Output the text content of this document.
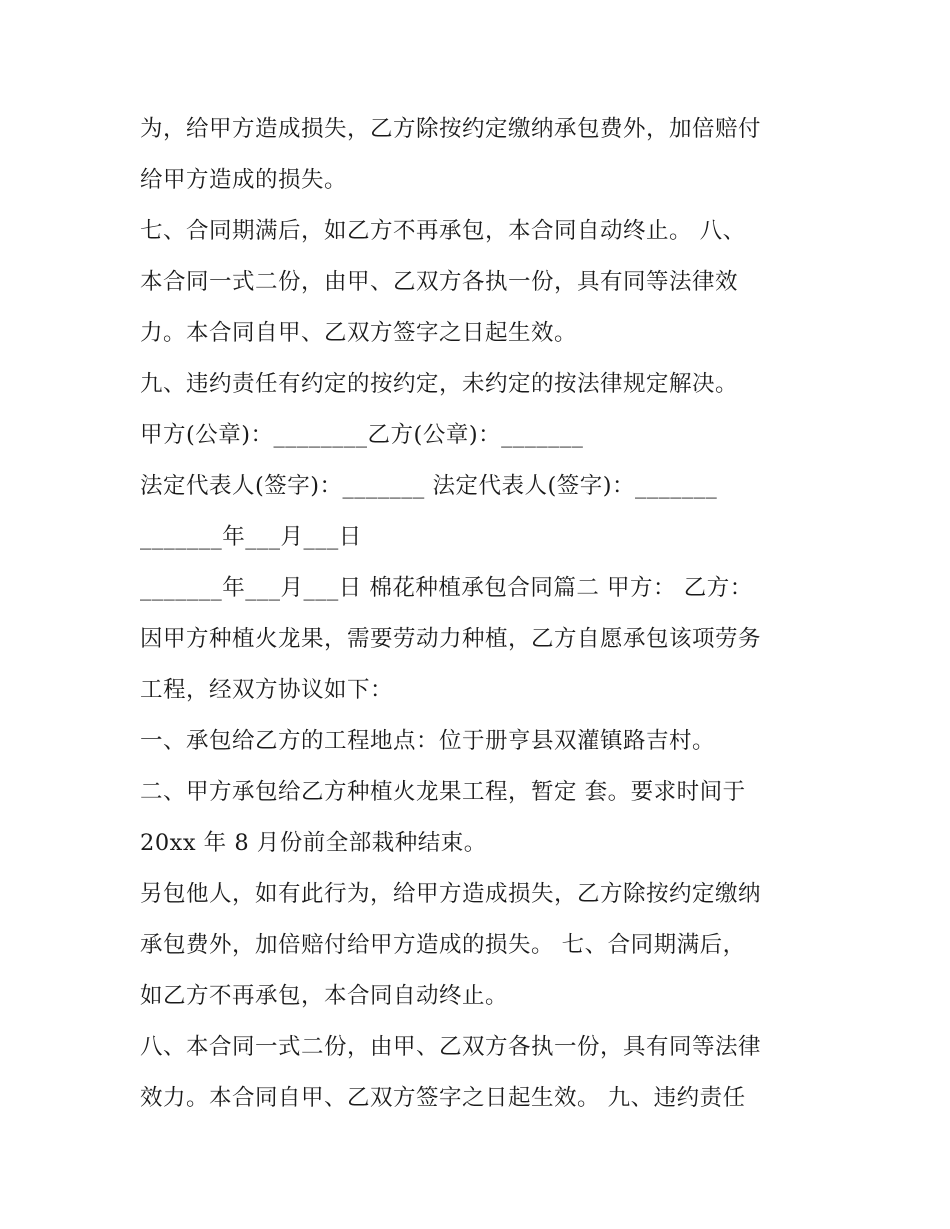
为，给甲方造成损失，乙方除按约定缴纳承包费外，加倍赔付
给甲方造成的损失。
七、合同期满后，如乙方不再承包，本合同自动终止。 八、
本合同一式二份，由甲、乙双方各执一份，具有同等法律效
力。本合同自甲、乙双方签字之日起生效。
九、违约责任有约定的按约定，未约定的按法律规定解决。
甲方(公章)：________乙方(公章)：_______
法定代表人(签字)：_______ 法定代表人(签字)：_______
_______年___月___日
_______年___月___日 棉花种植承包合同篇二 甲方： 乙方：
因甲方种植火龙果，需要劳动力种植，乙方自愿承包该项劳务
工程，经双方协议如下：
一、承包给乙方的工程地点：位于册亨县双灌镇路吉村。
二、甲方承包给乙方种植火龙果工程，暂定 套。要求时间于
20xx 年 8 月份前全部栽种结束。
另包他人，如有此行为，给甲方造成损失，乙方除按约定缴纳
承包费外，加倍赔付给甲方造成的损失。 七、合同期满后，
如乙方不再承包，本合同自动终止。
八、本合同一式二份，由甲、乙双方各执一份，具有同等法律
效力。本合同自甲、乙双方签字之日起生效。 九、违约责任
